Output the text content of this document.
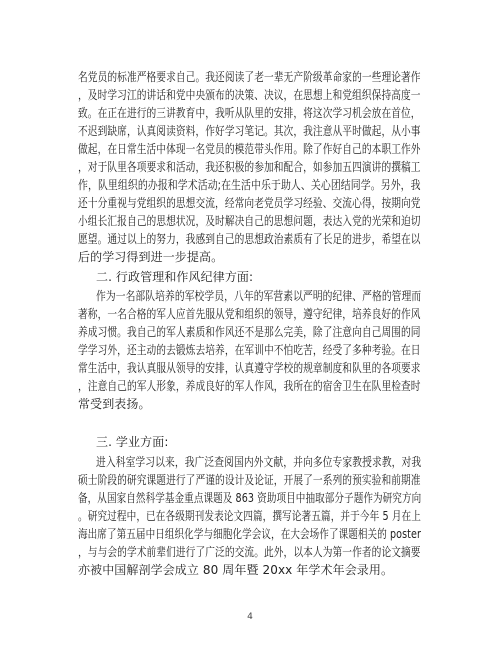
名党员的标准严格要求自己。我还阅读了老一辈无产阶级革命家的一些理论著作
，及时学习江的讲话和党中央颁布的决策、决议，在思想上和党组织保持高度一
致。在正在进行的三讲教育中，我听从队里的安排，将这次学习机会放在首位，
不迟到缺席，认真阅读资料，作好学习笔记。其次，我注意从平时做起，从小事
做起，在日常生活中体现一名党员的模范带头作用。除了作好自己的本职工作外
，对于队里各项要求和活动，我还积极的参加和配合，如参加五四演讲的撰稿工
作，队里组织的办报和学术活动;在生活中乐于助人、关心团结同学。另外，我
还十分重视与党组织的思想交流，经常向老党员学习经验、交流心得，按期向党
小组长汇报自己的思想状况，及时解决自己的思想问题，表达入党的光荣和迫切
愿望。通过以上的努力，我感到自己的思想政治素质有了长足的进步，希望在以
后的学习得到进一步提高。
二. 行政管理和作风纪律方面:
作为一名部队培养的军校学员，八年的军营素以严明的纪律、严格的管理而
著称，一名合格的军人应首先服从党和组织的领导，遵守纪律，培养良好的作风
养成习惯。我自己的军人素质和作风还不是那么完美，除了注意向自己周围的同
学学习外，还主动的去锻炼去培养，在军训中不怕吃苦，经受了多种考验。在日
常生活中，我认真服从领导的安排，认真遵守学校的规章制度和队里的各项要求
，注意自己的军人形象，养成良好的军人作风，我所在的宿舍卫生在队里检查时
常受到表扬。
三. 学业方面:
进入科室学习以来，我广泛查阅国内外文献，并向多位专家教授求教，对我
硕士阶段的研究课题进行了严谨的设计及论证，开展了一系列的预实验和前期准
备，从国家自然科学基金重点课题及 863 资助项目中抽取部分子题作为研究方向
。研究过程中，已在各级期刊发表论文四篇，撰写论著五篇，并于今年 5 月在上
海出席了第五届中日组织化学与细胞化学会议，在大会场作了课题相关的 poster
，与与会的学术前辈们进行了广泛的交流。此外，以本人为第一作者的论文摘要
亦被中国解剖学会成立 80 周年暨 20xx 年学术年会录用。
4
